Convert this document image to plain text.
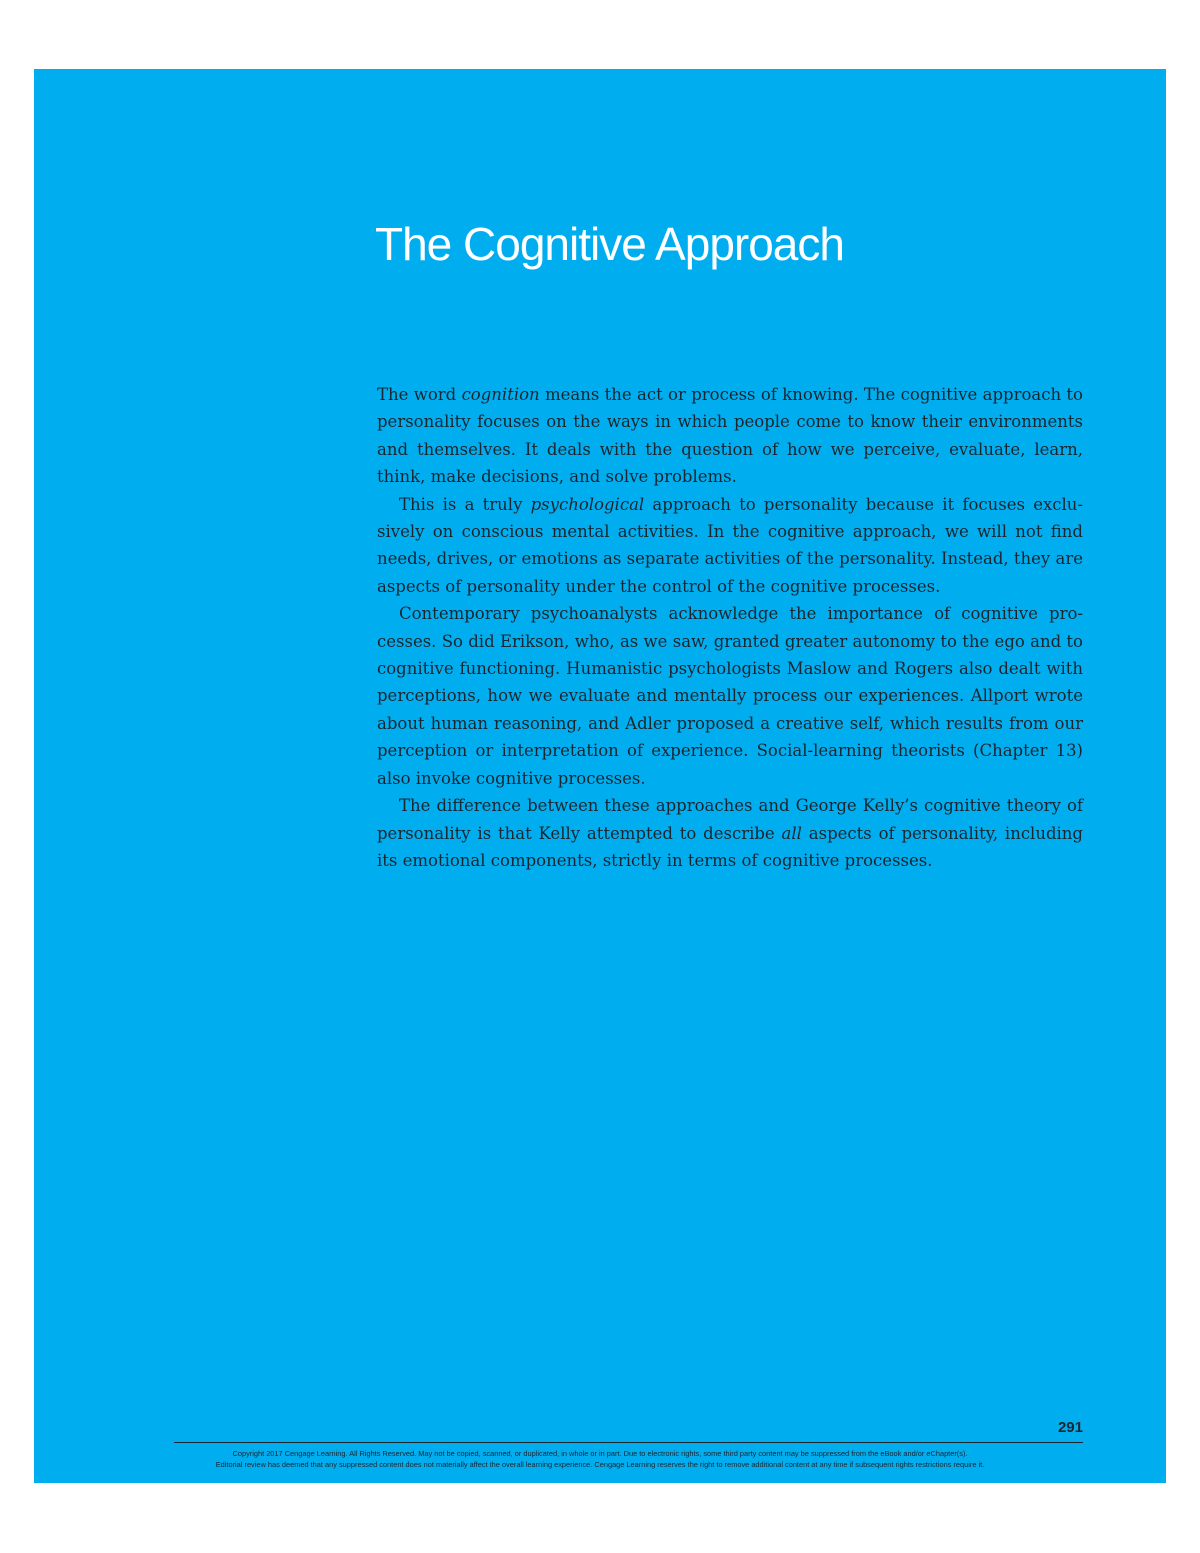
The Cognitive Approach

The word cognition means the act or process of knowing. The cognitive approach to personality focuses on the ways in which people come to know their environments and themselves. It deals with the question of how we perceive, evaluate, learn, think, make decisions, and solve problems.

This is a truly psychological approach to personality because it focuses exclusively on conscious mental activities. In the cognitive approach, we will not find needs, drives, or emotions as separate activities of the personality. Instead, they are aspects of personality under the control of the cognitive processes.

Contemporary psychoanalysts acknowledge the importance of cognitive processes. So did Erikson, who, as we saw, granted greater autonomy to the ego and to cognitive functioning. Humanistic psychologists Maslow and Rogers also dealt with perceptions, how we evaluate and mentally process our experiences. Allport wrote about human reasoning, and Adler proposed a creative self, which results from our perception or interpretation of experience. Social-learning theorists (Chapter 13) also invoke cognitive processes.

The difference between these approaches and George Kelly’s cognitive theory of personality is that Kelly attempted to describe all aspects of personality, including its emotional components, strictly in terms of cognitive processes.

291
Copyright 2017 Cengage Learning. All Rights Reserved. May not be copied, scanned, or duplicated, in whole or in part. Due to electronic rights, some third party content may be suppressed from the eBook and/or eChapter(s).
Editorial review has deemed that any suppressed content does not materially affect the overall learning experience. Cengage Learning reserves the right to remove additional content at any time if subsequent rights restrictions require it.
